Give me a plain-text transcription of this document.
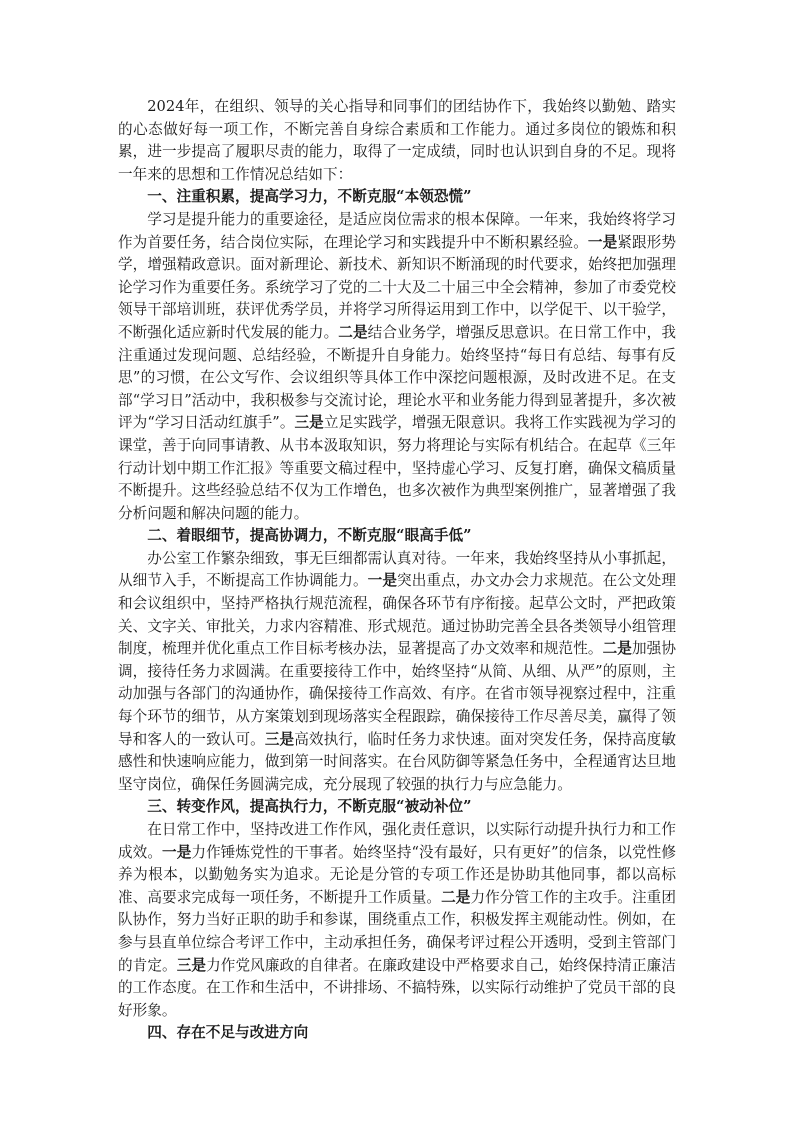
2024年，在组织、领导的关心指导和同事们的团结协作下，我始终以勤勉、踏实的心态做好每一项工作，不断完善自身综合素质和工作能力。通过多岗位的锻炼和积累，进一步提高了履职尽责的能力，取得了一定成绩，同时也认识到自身的不足。现将一年来的思想和工作情况总结如下：

一、注重积累，提高学习力，不断克服“本领恐慌”

学习是提升能力的重要途径，是适应岗位需求的根本保障。一年来，我始终将学习作为首要任务，结合岗位实际，在理论学习和实践提升中不断积累经验。一是紧跟形势学，增强精政意识。面对新理论、新技术、新知识不断涌现的时代要求，始终把加强理论学习作为重要任务。系统学习了党的二十大及二十届三中全会精神，参加了市委党校领导干部培训班，获评优秀学员，并将学习所得运用到工作中，以学促干、以干验学，不断强化适应新时代发展的能力。二是结合业务学，增强反思意识。在日常工作中，我注重通过发现问题、总结经验，不断提升自身能力。始终坚持“每日有总结、每事有反思”的习惯，在公文写作、会议组织等具体工作中深挖问题根源，及时改进不足。在支部“学习日”活动中，我积极参与交流讨论，理论水平和业务能力得到显著提升，多次被评为“学习日活动红旗手”。三是立足实践学，增强无限意识。我将工作实践视为学习的课堂，善于向同事请教、从书本汲取知识，努力将理论与实际有机结合。在起草《三年行动计划中期工作汇报》等重要文稿过程中，坚持虚心学习、反复打磨，确保文稿质量不断提升。这些经验总结不仅为工作增色，也多次被作为典型案例推广，显著增强了我分析问题和解决问题的能力。

二、着眼细节，提高协调力，不断克服“眼高手低”

办公室工作繁杂细致，事无巨细都需认真对待。一年来，我始终坚持从小事抓起，从细节入手，不断提高工作协调能力。一是突出重点，办文办会力求规范。在公文处理和会议组织中，坚持严格执行规范流程，确保各环节有序衔接。起草公文时，严把政策关、文字关、审批关，力求内容精准、形式规范。通过协助完善全县各类领导小组管理制度，梳理并优化重点工作目标考核办法，显著提高了办文效率和规范性。二是加强协调，接待任务力求圆满。在重要接待工作中，始终坚持“从简、从细、从严”的原则，主动加强与各部门的沟通协作，确保接待工作高效、有序。在省市领导视察过程中，注重每个环节的细节，从方案策划到现场落实全程跟踪，确保接待工作尽善尽美，赢得了领导和客人的一致认可。三是高效执行，临时任务力求快速。面对突发任务，保持高度敏感性和快速响应能力，做到第一时间落实。在台风防御等紧急任务中，全程通宵达旦地坚守岗位，确保任务圆满完成，充分展现了较强的执行力与应急能力。

三、转变作风，提高执行力，不断克服“被动补位”

在日常工作中，坚持改进工作作风，强化责任意识，以实际行动提升执行力和工作成效。一是力作锤炼党性的干事者。始终坚持“没有最好，只有更好”的信条，以党性修养为根本，以勤勉务实为追求。无论是分管的专项工作还是协助其他同事，都以高标准、高要求完成每一项任务，不断提升工作质量。二是力作分管工作的主攻手。注重团队协作，努力当好正职的助手和参谋，围绕重点工作，积极发挥主观能动性。例如，在参与县直单位综合考评工作中，主动承担任务，确保考评过程公开透明，受到主管部门的肯定。三是力作党风廉政的自律者。在廉政建设中严格要求自己，始终保持清正廉洁的工作态度。在工作和生活中，不讲排场、不搞特殊，以实际行动维护了党员干部的良好形象。

四、存在不足与改进方向
